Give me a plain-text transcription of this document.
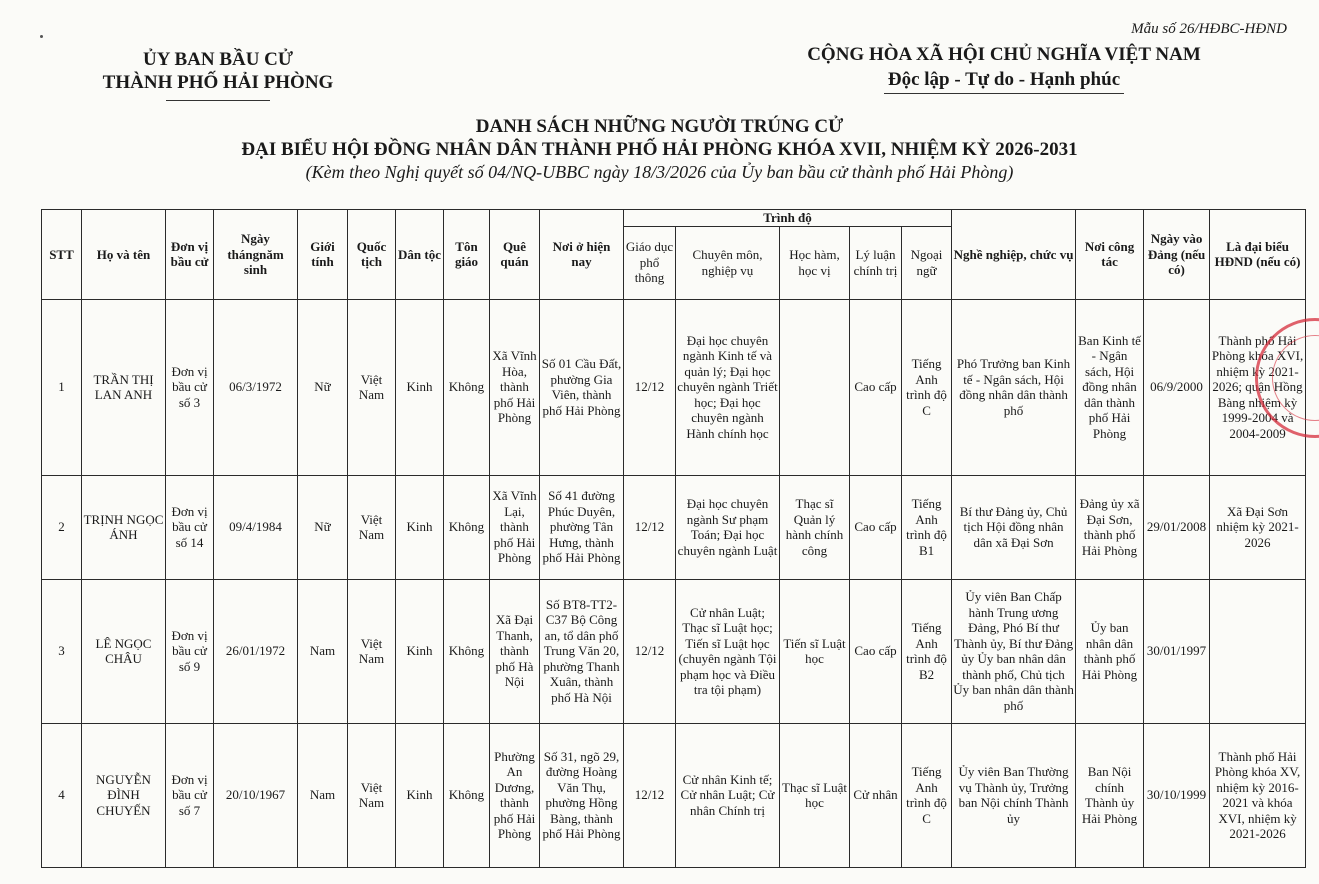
Mẫu số 26/HĐBC-HĐND
ỦY BAN BẦU CỬ
THÀNH PHỐ HẢI PHÒNG
CỘNG HÒA XÃ HỘI CHỦ NGHĨA VIỆT NAM
Độc lập - Tự do - Hạnh phúc
DANH SÁCH NHỮNG NGƯỜI TRÚNG CỬ
ĐẠI BIỂU HỘI ĐỒNG NHÂN DÂN THÀNH PHỐ HẢI PHÒNG KHÓA XVII, NHIỆM KỲ 2026-2031
(Kèm theo Nghị quyết số 04/NQ-UBBC ngày 18/3/2026 của Ủy ban bầu cử thành phố Hải Phòng)
STT	Họ và tên	Đơn vị bầu cử	Ngày thángnăm sinh	Giới tính	Quốc tịch	Dân tộc	Tôn giáo	Quê quán	Nơi ở hiện nay	Trình độ					Nghề nghiệp, chức vụ	Nơi công tác	Ngày vào Đảng (nếu có)	Là đại biểu HĐND (nếu có)
										Giáo dục phổ thông	Chuyên môn, nghiệp vụ	Học hàm, học vị	Lý luận chính trị	Ngoại ngữ				
1	TRẦN THỊ LAN ANH	Đơn vị bầu cử số 3	06/3/1972	Nữ	Việt Nam	Kinh	Không	Xã Vĩnh Hòa, thành phố Hải Phòng	Số 01 Cầu Đất, phường Gia Viên, thành phố Hải Phòng	12/12	Đại học chuyên ngành Kinh tế và quản lý; Đại học chuyên ngành Triết học; Đại học chuyên ngành Hành chính học		Cao cấp	Tiếng Anh trình độ C	Phó Trưởng ban Kinh tế - Ngân sách, Hội đồng nhân dân thành phố	Ban Kinh tế - Ngân sách, Hội đồng nhân dân thành phố Hải Phòng	06/9/2000	Thành phố Hải Phòng khóa XVI, nhiệm kỳ 2021-2026; quận Hồng Bàng nhiệm kỳ 1999-2004 và 2004-2009
2	TRỊNH NGỌC ÁNH	Đơn vị bầu cử số 14	09/4/1984	Nữ	Việt Nam	Kinh	Không	Xã Vĩnh Lại, thành phố Hải Phòng	Số 41 đường Phúc Duyên, phường Tân Hưng, thành phố Hải Phòng	12/12	Đại học chuyên ngành Sư phạm Toán; Đại học chuyên ngành Luật	Thạc sĩ Quản lý hành chính công	Cao cấp	Tiếng Anh trình độ B1	Bí thư Đảng ủy, Chủ tịch Hội đồng nhân dân xã Đại Sơn	Đảng ủy xã Đại Sơn, thành phố Hải Phòng	29/01/2008	Xã Đại Sơn nhiệm kỳ 2021-2026
3	LÊ NGỌC CHÂU	Đơn vị bầu cử số 9	26/01/1972	Nam	Việt Nam	Kinh	Không	Xã Đại Thanh, thành phố Hà Nội	Số BT8-TT2-C37 Bộ Công an, tổ dân phố Trung Văn 20, phường Thanh Xuân, thành phố Hà Nội	12/12	Cử nhân Luật; Thạc sĩ Luật học; Tiến sĩ Luật học (chuyên ngành Tội phạm học và Điều tra tội phạm)	Tiến sĩ Luật học	Cao cấp	Tiếng Anh trình độ B2	Ủy viên Ban Chấp hành Trung ương Đảng, Phó Bí thư Thành ủy, Bí thư Đảng ủy Ủy ban nhân dân thành phố, Chủ tịch Ủy ban nhân dân thành phố	Ủy ban nhân dân thành phố Hải Phòng	30/01/1997	
4	NGUYỄN ĐÌNH CHUYẾN	Đơn vị bầu cử số 7	20/10/1967	Nam	Việt Nam	Kinh	Không	Phường An Dương, thành phố Hải Phòng	Số 31, ngõ 29, đường Hoàng Văn Thụ, phường Hồng Bàng, thành phố Hải Phòng	12/12	Cử nhân Kinh tế; Cử nhân Luật; Cử nhân Chính trị	Thạc sĩ Luật học	Cử nhân	Tiếng Anh trình độ C	Ủy viên Ban Thường vụ Thành ủy, Trưởng ban Nội chính Thành ủy	Ban Nội chính Thành ủy Hải Phòng	30/10/1999	Thành phố Hải Phòng khóa XV, nhiệm kỳ 2016-2021 và khóa XVI, nhiệm kỳ 2021-2026
